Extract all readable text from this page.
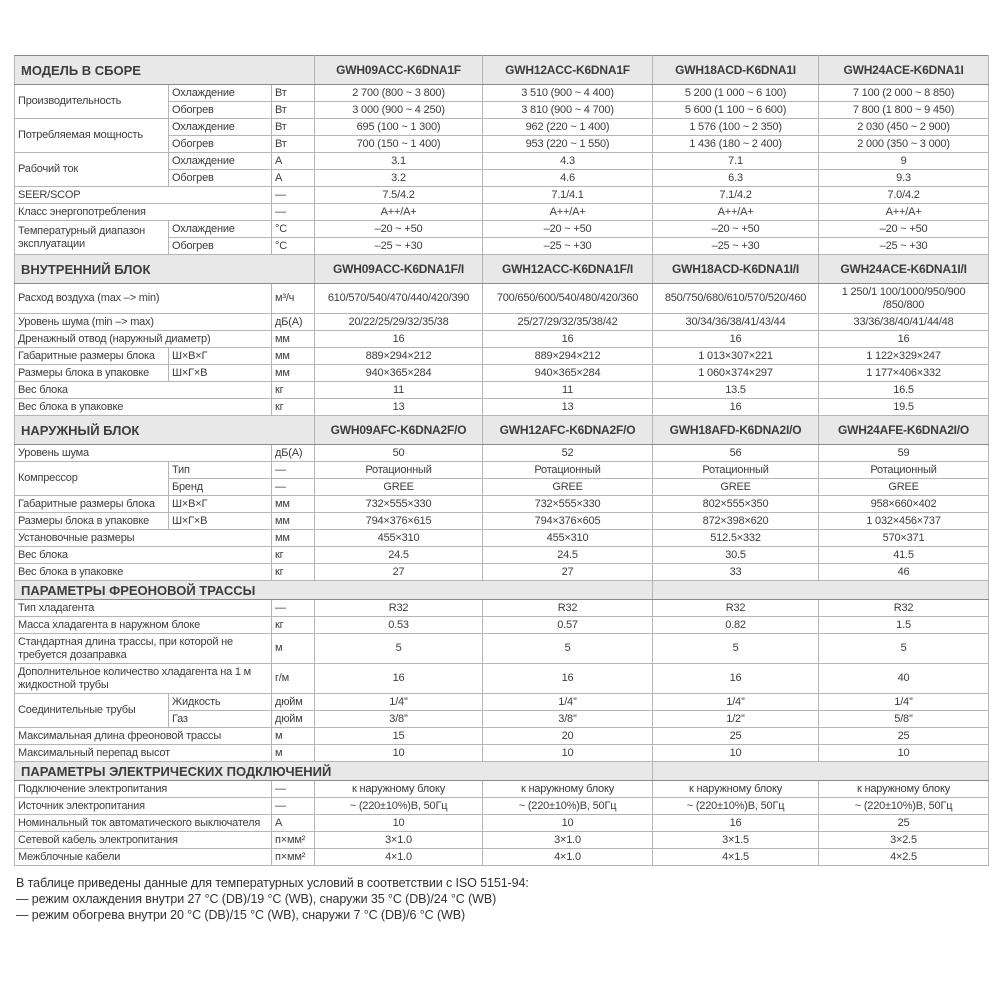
МОДЕЛЬ В СБОРЕ			GWH09ACC-K6DNA1F	GWH12ACC-K6DNA1F	GWH18ACD-K6DNA1I	GWH24ACE-K6DNA1I
Производительность	Охлаждение	Вт	2 700 (800 ~ 3 800)	3 510 (900 ~ 4 400)	5 200 (1 000 ~ 6 100)	7 100 (2 000 ~ 8 850)
	Обогрев	Вт	3 000 (900 ~ 4 250)	3 810 (900 ~ 4 700)	5 600 (1 100 ~ 6 600)	7 800 (1 800 ~ 9 450)
Потребляемая мощность	Охлаждение	Вт	695 (100 ~ 1 300)	962 (220 ~ 1 400)	1 576 (100 ~ 2 350)	2 030 (450 ~ 2 900)
	Обогрев	Вт	700 (150 ~ 1 400)	953 (220 ~ 1 550)	1 436 (180 ~ 2 400)	2 000 (350 ~ 3 000)
Рабочий ток	Охлаждение	А	3.1	4.3	7.1	9
	Обогрев	А	3.2	4.6	6.3	9.3
SEER/SCOP		—	7.5/4.2	7.1/4.1	7.1/4.2	7.0/4.2
Класс энергопотребления		—	A++/A+	A++/A+	A++/A+	A++/A+
Температурный диапазон эксплуатации	Охлаждение	°С	–20 ~ +50	–20 ~ +50	–20 ~ +50	–20 ~ +50
	Обогрев	°С	–25 ~ +30	–25 ~ +30	–25 ~ +30	–25 ~ +30
ВНУТРЕННИЙ БЛОК			GWH09ACC-K6DNA1F/I	GWH12ACC-K6DNA1F/I	GWH18ACD-K6DNA1I/I	GWH24ACE-K6DNA1I/I
Расход воздуха (max –> min)		м³/ч	610/570/540/470/440/420/390	700/650/600/540/480/420/360	850/750/680/610/570/520/460	1 250/1 100/1000/950/900 /850/800
Уровень шума (min –> max)		дБ(А)	20/22/25/29/32/35/38	25/27/29/32/35/38/42	30/34/36/38/41/43/44	33/36/38/40/41/44/48
Дренажный отвод (наружный диаметр)		мм	16	16	16	16
Габаритные размеры блока	Ш×В×Г	мм	889×294×212	889×294×212	1 013×307×221	1 122×329×247
Размеры блока в упаковке	Ш×Г×В	мм	940×365×284	940×365×284	1 060×374×297	1 177×406×332
Вес блока		кг	11	11	13.5	16.5
Вес блока в упаковке		кг	13	13	16	19.5
НАРУЖНЫЙ БЛОК			GWH09AFC-K6DNA2F/O	GWH12AFC-K6DNA2F/O	GWH18AFD-K6DNA2I/O	GWH24AFE-K6DNA2I/O
Уровень шума		дБ(А)	50	52	56	59
Компрессор	Тип	—	Ротационный	Ротационный	Ротационный	Ротационный
	Бренд	—	GREE	GREE	GREE	GREE
Габаритные размеры блока	Ш×В×Г	мм	732×555×330	732×555×330	802×555×350	958×660×402
Размеры блока в упаковке	Ш×Г×В	мм	794×376×615	794×376×605	872×398×620	1 032×456×737
Установочные размеры		мм	455×310	455×310	512.5×332	570×371
Вес блока		кг	24.5	24.5	30.5	41.5
Вес блока в упаковке		кг	27	27	33	46
ПАРАМЕТРЫ ФРЕОНОВОЙ ТРАССЫ						
Тип хладагента		—	R32	R32	R32	R32
Масса хладагента в наружном блоке		кг	0.53	0.57	0.82	1.5
Стандартная длина трассы, при которой не требуется дозаправка		м	5	5	5	5
Дополнительное количество хладагента на 1 м жидкостной трубы		г/м	16	16	16	40
Соединительные трубы	Жидкость	дюйм	1/4''	1/4''	1/4''	1/4''
	Газ	дюйм	3/8''	3/8''	1/2''	5/8''
Максимальная длина фреоновой трассы		м	15	20	25	25
Максимальный перепад высот		м	10	10	10	10
ПАРАМЕТРЫ ЭЛЕКТРИЧЕСКИХ ПОДКЛЮЧЕНИЙ						
Подключение электропитания		—	к наружному блоку	к наружному блоку	к наружному блоку	к наружному блоку
Источник электропитания		—	~ (220±10%)В, 50Гц	~ (220±10%)В, 50Гц	~ (220±10%)В, 50Гц	~ (220±10%)В, 50Гц
Номинальный ток автоматического выключателя		А	10	10	16	25
Сетевой кабель электропитания		п×мм²	3×1.0	3×1.0	3×1.5	3×2.5
Межблочные кабели		п×мм²	4×1.0	4×1.0	4×1.5	4×2.5
В таблице приведены данные для температурных условий в соответствии с ISO 5151-94:
— режим охлаждения внутри 27 °C (DB)/19 °C (WB), снаружи 35 °C (DB)/24 °C (WB)
— режим обогрева внутри 20 °C (DB)/15 °C (WB), снаружи 7 °C (DB)/6 °C (WB)
